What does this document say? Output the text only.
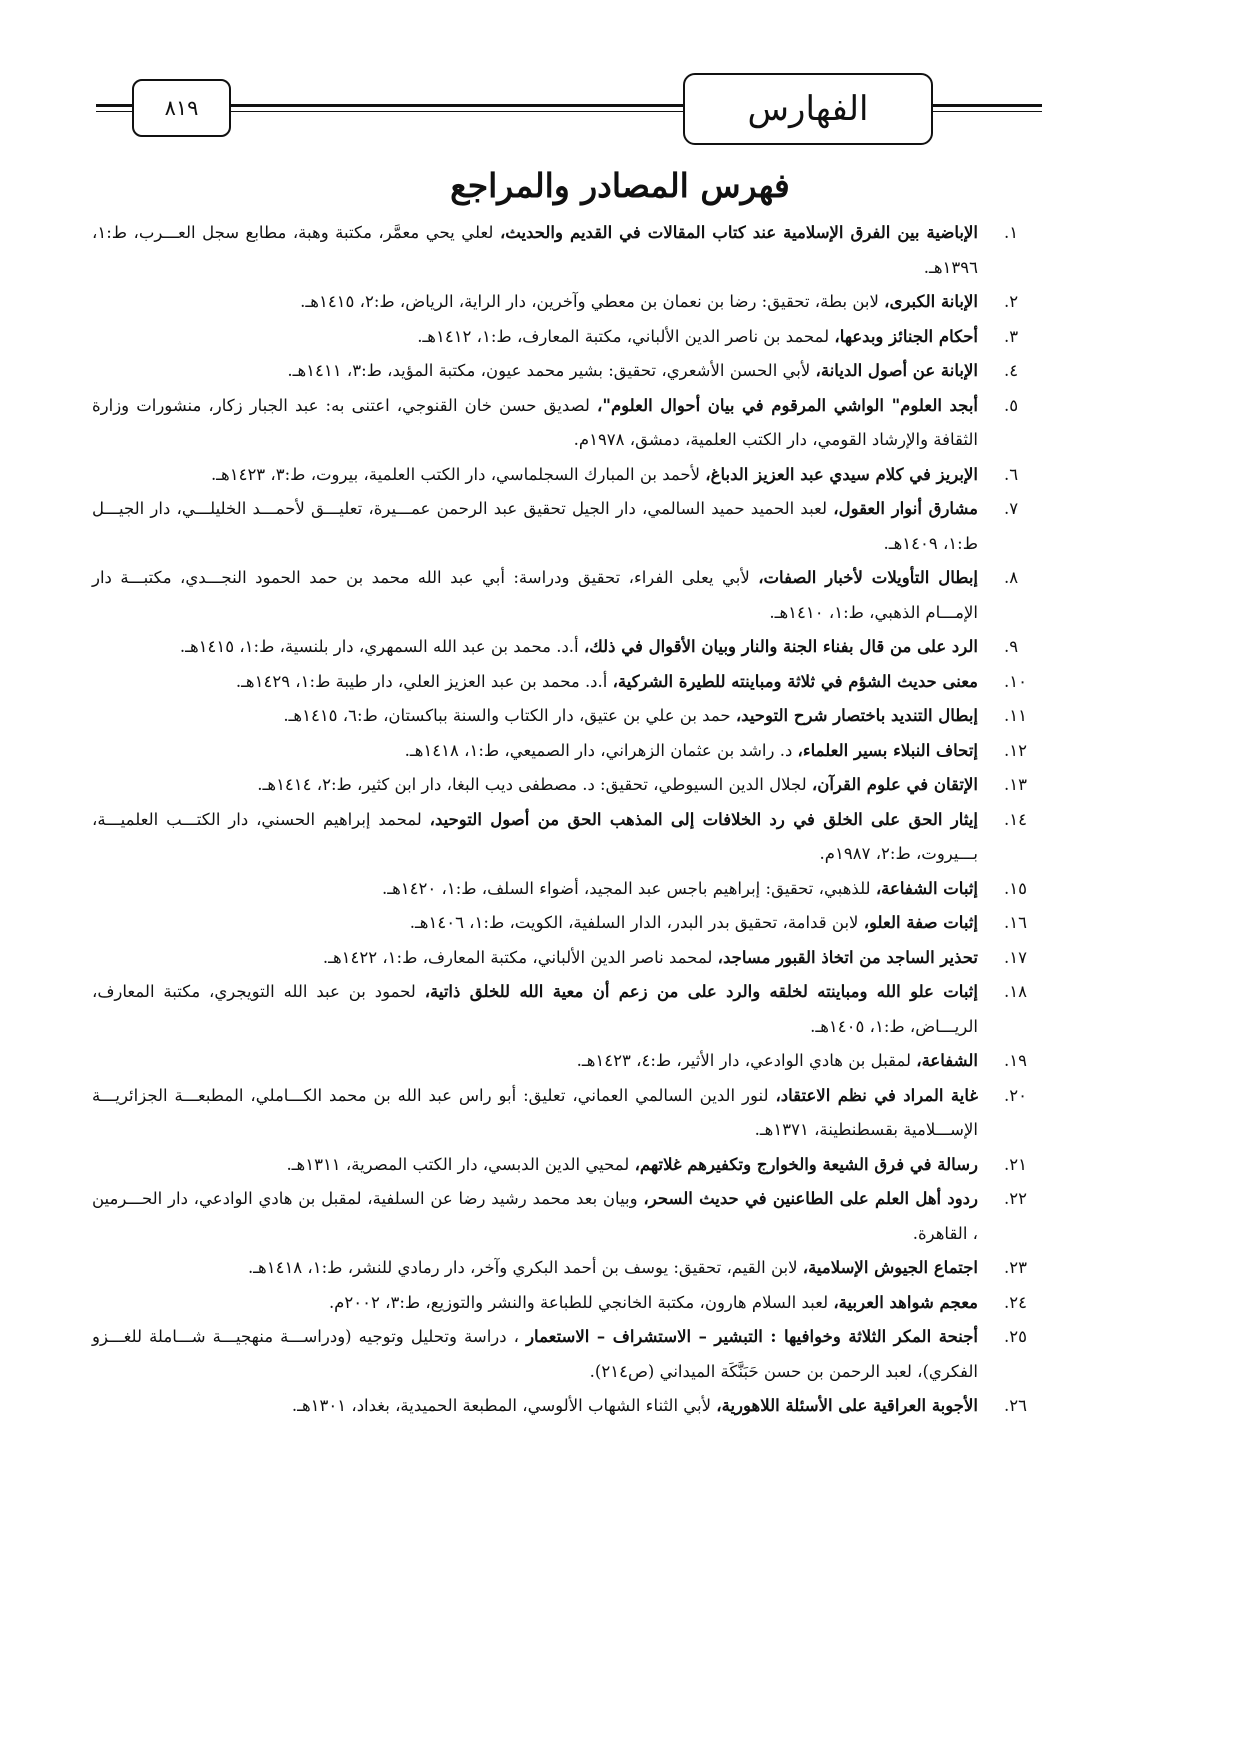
٨١٩	الفهارس
فهرس المصادر والمراجع
١.
الإباضية بين الفرق الإسلامية عند كتاب المقالات في القديم والحديث، لعلي يحي معمَّر، مكتبة وهبة، مطابع سجل العـــرب، ط:١، ١٣٩٦هـ.
٢.
الإبانة الكبرى، لابن بطة، تحقيق: رضا بن نعمان بن معطي وآخرين، دار الراية، الرياض، ط:٢، ١٤١٥هـ.
٣.
أحكام الجنائز وبدعها، لمحمد بن ناصر الدين الألباني، مكتبة المعارف، ط:١، ١٤١٢هـ.
٤.
الإبانة عن أصول الديانة، لأبي الحسن الأشعري، تحقيق: بشير محمد عيون، مكتبة المؤيد، ط:٣، ١٤١١هـ.
٥.
أبجد العلوم" الواشي المرقوم في بيان أحوال العلوم"، لصديق حسن خان القنوجي، اعتنى به: عبد الجبار زكار، منشورات وزارة الثقافة والإرشاد القومي، دار الكتب العلمية، دمشق، ١٩٧٨م.
٦.
الإبريز في كلام سيدي عبد العزيز الدباغ، لأحمد بن المبارك السجلماسي، دار الكتب العلمية، بيروت، ط:٣، ١٤٢٣هـ.
٧.
مشارق أنوار العقول، لعبد الحميد حميد السالمي، دار الجيل تحقيق عبد الرحمن عمـــيرة، تعليـــق لأحمـــد الخليلـــي، دار الجيـــل ط:١، ١٤٠٩هـ.
٨.
إبطال التأويلات لأخبار الصفات، لأبي يعلى الفراء، تحقيق ودراسة: أبي عبد الله محمد بن حمد الحمود النجـــدي، مكتبـــة دار الإمـــام الذهبي، ط:١، ١٤١٠هـ.
٩.
الرد على من قال بفناء الجنة والنار وبيان الأقوال في ذلك، أ.د. محمد بن عبد الله السمهري، دار بلنسية، ط:١، ١٤١٥هـ.
١٠.
معنى حديث الشؤم في ثلاثة ومباينته للطيرة الشركية، أ.د. محمد بن عبد العزيز العلي، دار طيبة ط:١، ١٤٢٩هـ.
١١.
إبطال التنديد باختصار شرح التوحيد، حمد بن علي بن عتيق، دار الكتاب والسنة بباكستان، ط:٦، ١٤١٥هـ.
١٢.
إتحاف النبلاء بسير العلماء، د. راشد بن عثمان الزهراني، دار الصميعي، ط:١، ١٤١٨هـ.
١٣.
الإتقان في علوم القرآن، لجلال الدين السيوطي، تحقيق: د. مصطفى ديب البغا، دار ابن كثير، ط:٢، ١٤١٤هـ.
١٤.
إيثار الحق على الخلق في رد الخلافات إلى المذهب الحق من أصول التوحيد، لمحمد إبراهيم الحسني، دار الكتـــب العلميـــة، بـــيروت، ط:٢، ١٩٨٧م.
١٥.
إثبات الشفاعة، للذهبي، تحقيق: إبراهيم باجس عبد المجيد، أضواء السلف، ط:١، ١٤٢٠هـ.
١٦.
إثبات صفة العلو، لابن قدامة، تحقيق بدر البدر، الدار السلفية، الكويت، ط:١، ١٤٠٦هـ.
١٧.
تحذير الساجد من اتخاذ القبور مساجد، لمحمد ناصر الدين الألباني، مكتبة المعارف، ط:١، ١٤٢٢هـ.
١٨.
إثبات علو الله ومباينته لخلقه والرد على من زعم أن معية الله للخلق ذاتية، لحمود بن عبد الله التويجري، مكتبة المعارف، الريـــاض، ط:١، ١٤٠٥هـ.
١٩.
الشفاعة، لمقبل بن هادي الوادعي، دار الأثير، ط:٤، ١٤٢٣هـ.
٢٠.
غاية المراد في نظم الاعتقاد، لنور الدين السالمي العماني، تعليق: أبو راس عبد الله بن محمد الكـــاملي، المطبعـــة الجزائريـــة الإســـلامية بقسطنطينة، ١٣٧١هـ.
٢١.
رسالة في فرق الشيعة والخوارج وتكفيرهم غلاتهم، لمحيي الدين الدبسي، دار الكتب المصرية، ١٣١١هـ.
٢٢.
ردود أهل العلم على الطاعنين في حديث السحر، وبيان بعد محمد رشيد رضا عن السلفية، لمقبل بن هادي الوادعي، دار الحـــرمين ، القاهرة.
٢٣.
اجتماع الجيوش الإسلامية، لابن القيم، تحقيق: يوسف بن أحمد البكري وآخر، دار رمادي للنشر، ط:١، ١٤١٨هـ.
٢٤.
معجم شواهد العربية، لعبد السلام هارون، مكتبة الخانجي للطباعة والنشر والتوزيع، ط:٣، ٢٠٠٢م.
٢٥.
أجنحة المكر الثلاثة وخوافيها : التبشير – الاستشراف – الاستعمار ، دراسة وتحليل وتوجيه (ودراســـة منهجيـــة شـــاملة للغـــزو الفكري)، لعبد الرحمن بن حسن حَبَنَّكَة الميداني (ص٢١٤).
٢٦.
الأجوبة العراقية على الأسئلة اللاهورية، لأبي الثناء الشهاب الألوسي، المطبعة الحميدية، بغداد، ١٣٠١هـ.
